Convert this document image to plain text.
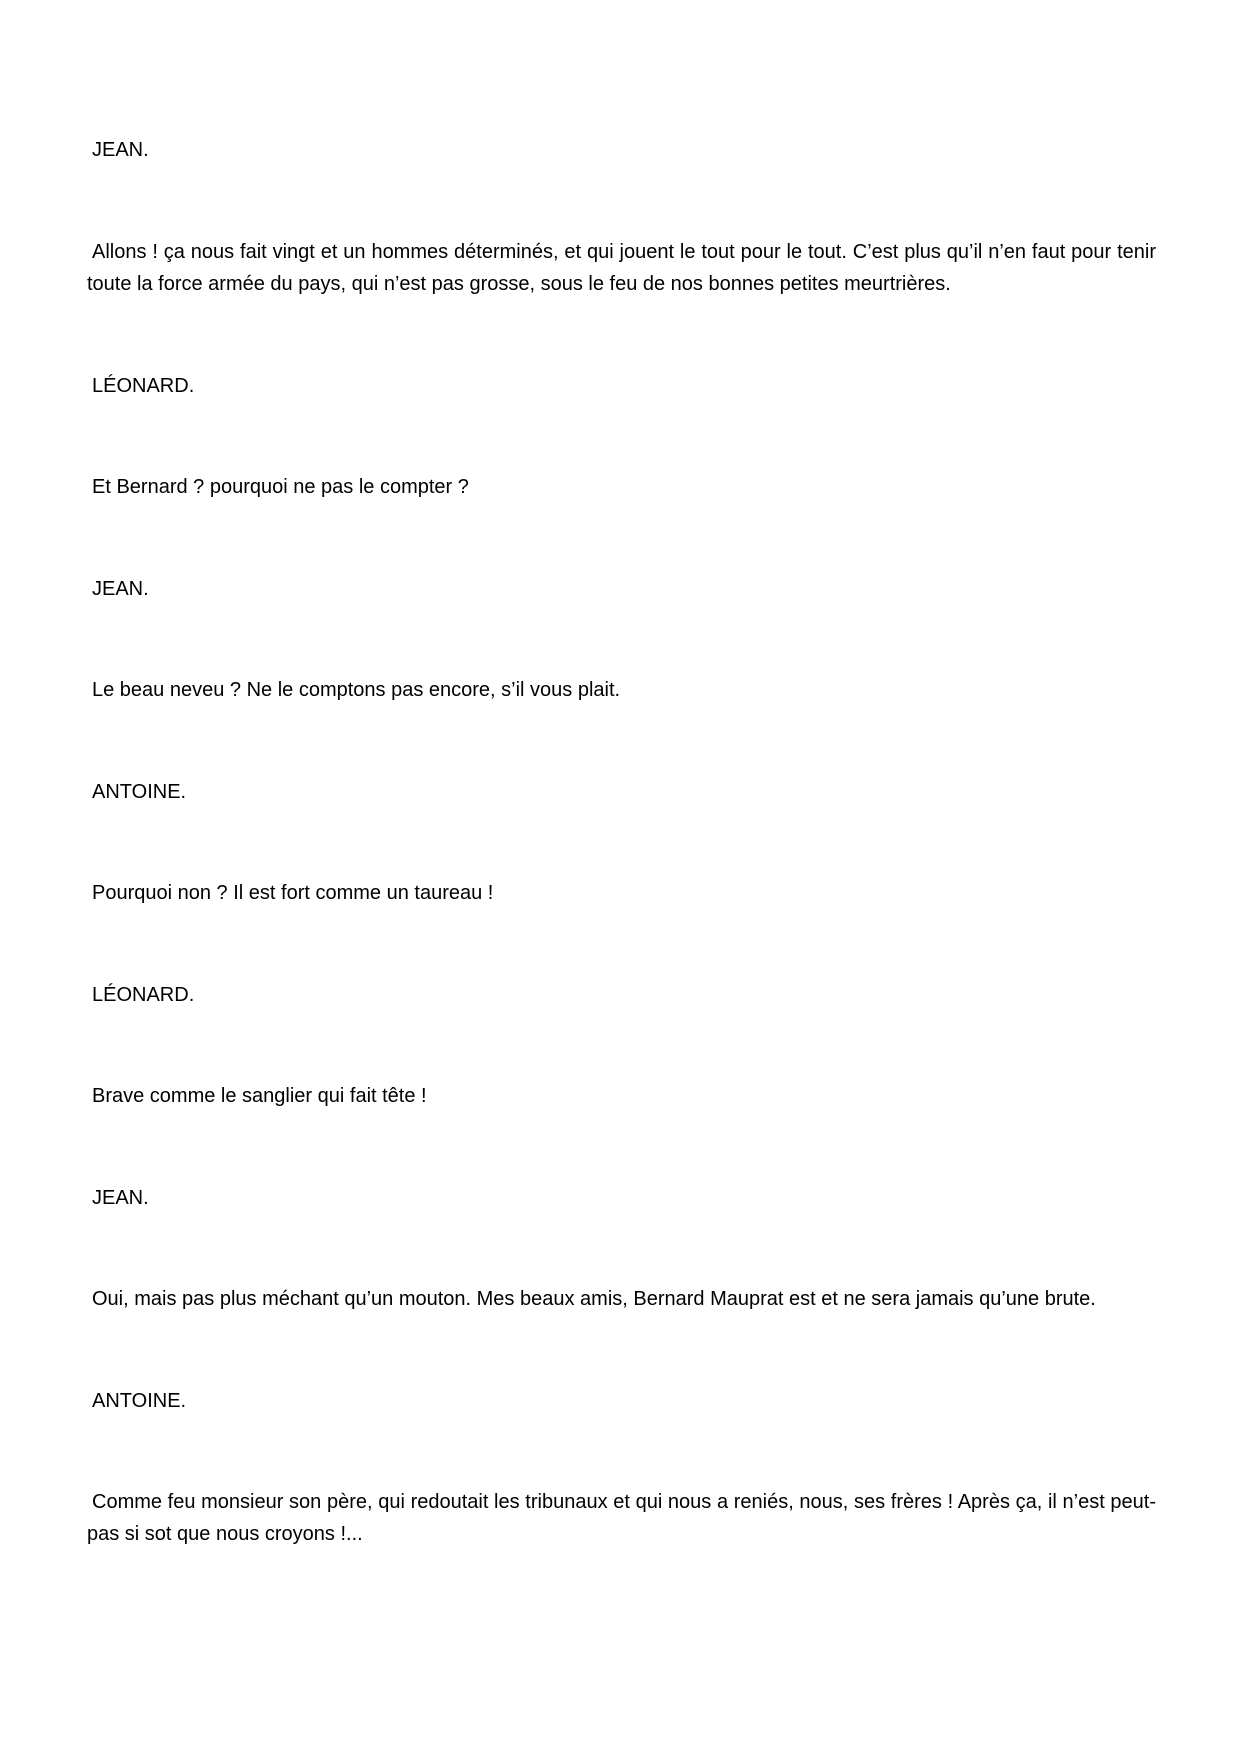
JEAN.

Allons ! ça nous fait vingt et un hommes déterminés, et qui jouent le tout pour le tout. C’est plus qu’il n’en faut pour tenir toute la force armée du pays, qui n’est pas grosse, sous le feu de nos bonnes petites meurtrières.

LÉONARD.

Et Bernard ? pourquoi ne pas le compter ?

JEAN.

Le beau neveu ? Ne le comptons pas encore, s’il vous plait.

ANTOINE.

Pourquoi non ? Il est fort comme un taureau !

LÉONARD.

Brave comme le sanglier qui fait tête !

JEAN.

Oui, mais pas plus méchant qu’un mouton. Mes beaux amis, Bernard Mauprat est et ne sera jamais qu’une brute.

ANTOINE.

Comme feu monsieur son père, qui redoutait les tribunaux et qui nous a reniés, nous, ses frères ! Après ça, il n’est peut-pas si sot que nous croyons !...
